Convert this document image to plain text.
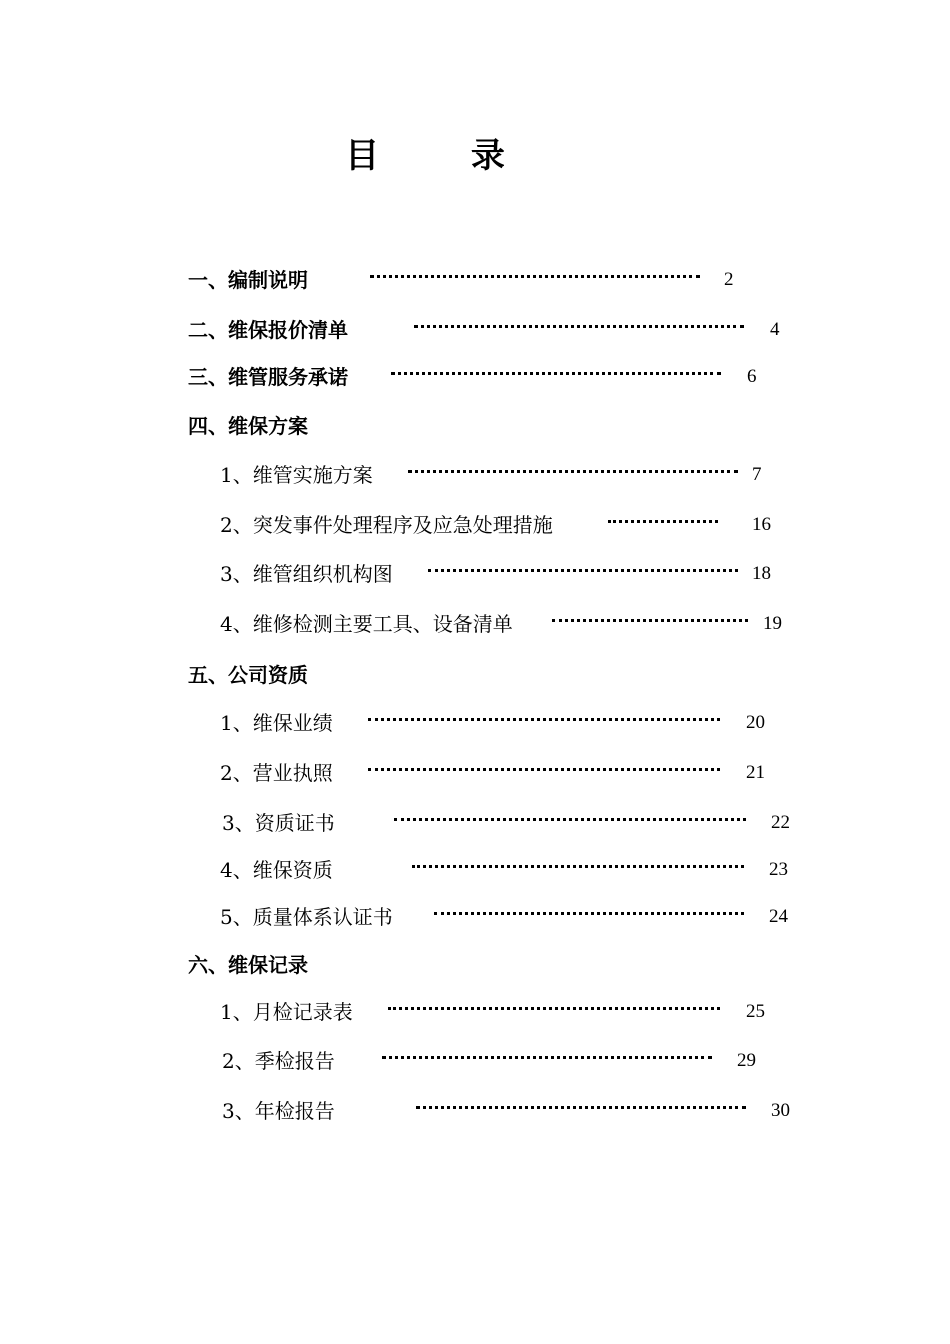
目 录
一、编制说明	2
二、维保报价清单	4
三、维管服务承诺	6
四、维保方案
1、维管实施方案	7
2、突发事件处理程序及应急处理措施	16
3、维管组织机构图	18
4、维修检测主要工具、设备清单	19
五、公司资质
1、维保业绩	20
2、营业执照	21
3、资质证书	22
4、维保资质	23
5、质量体系认证书	24
六、维保记录
1、月检记录表	25
2、季检报告	29
3、年检报告	30
